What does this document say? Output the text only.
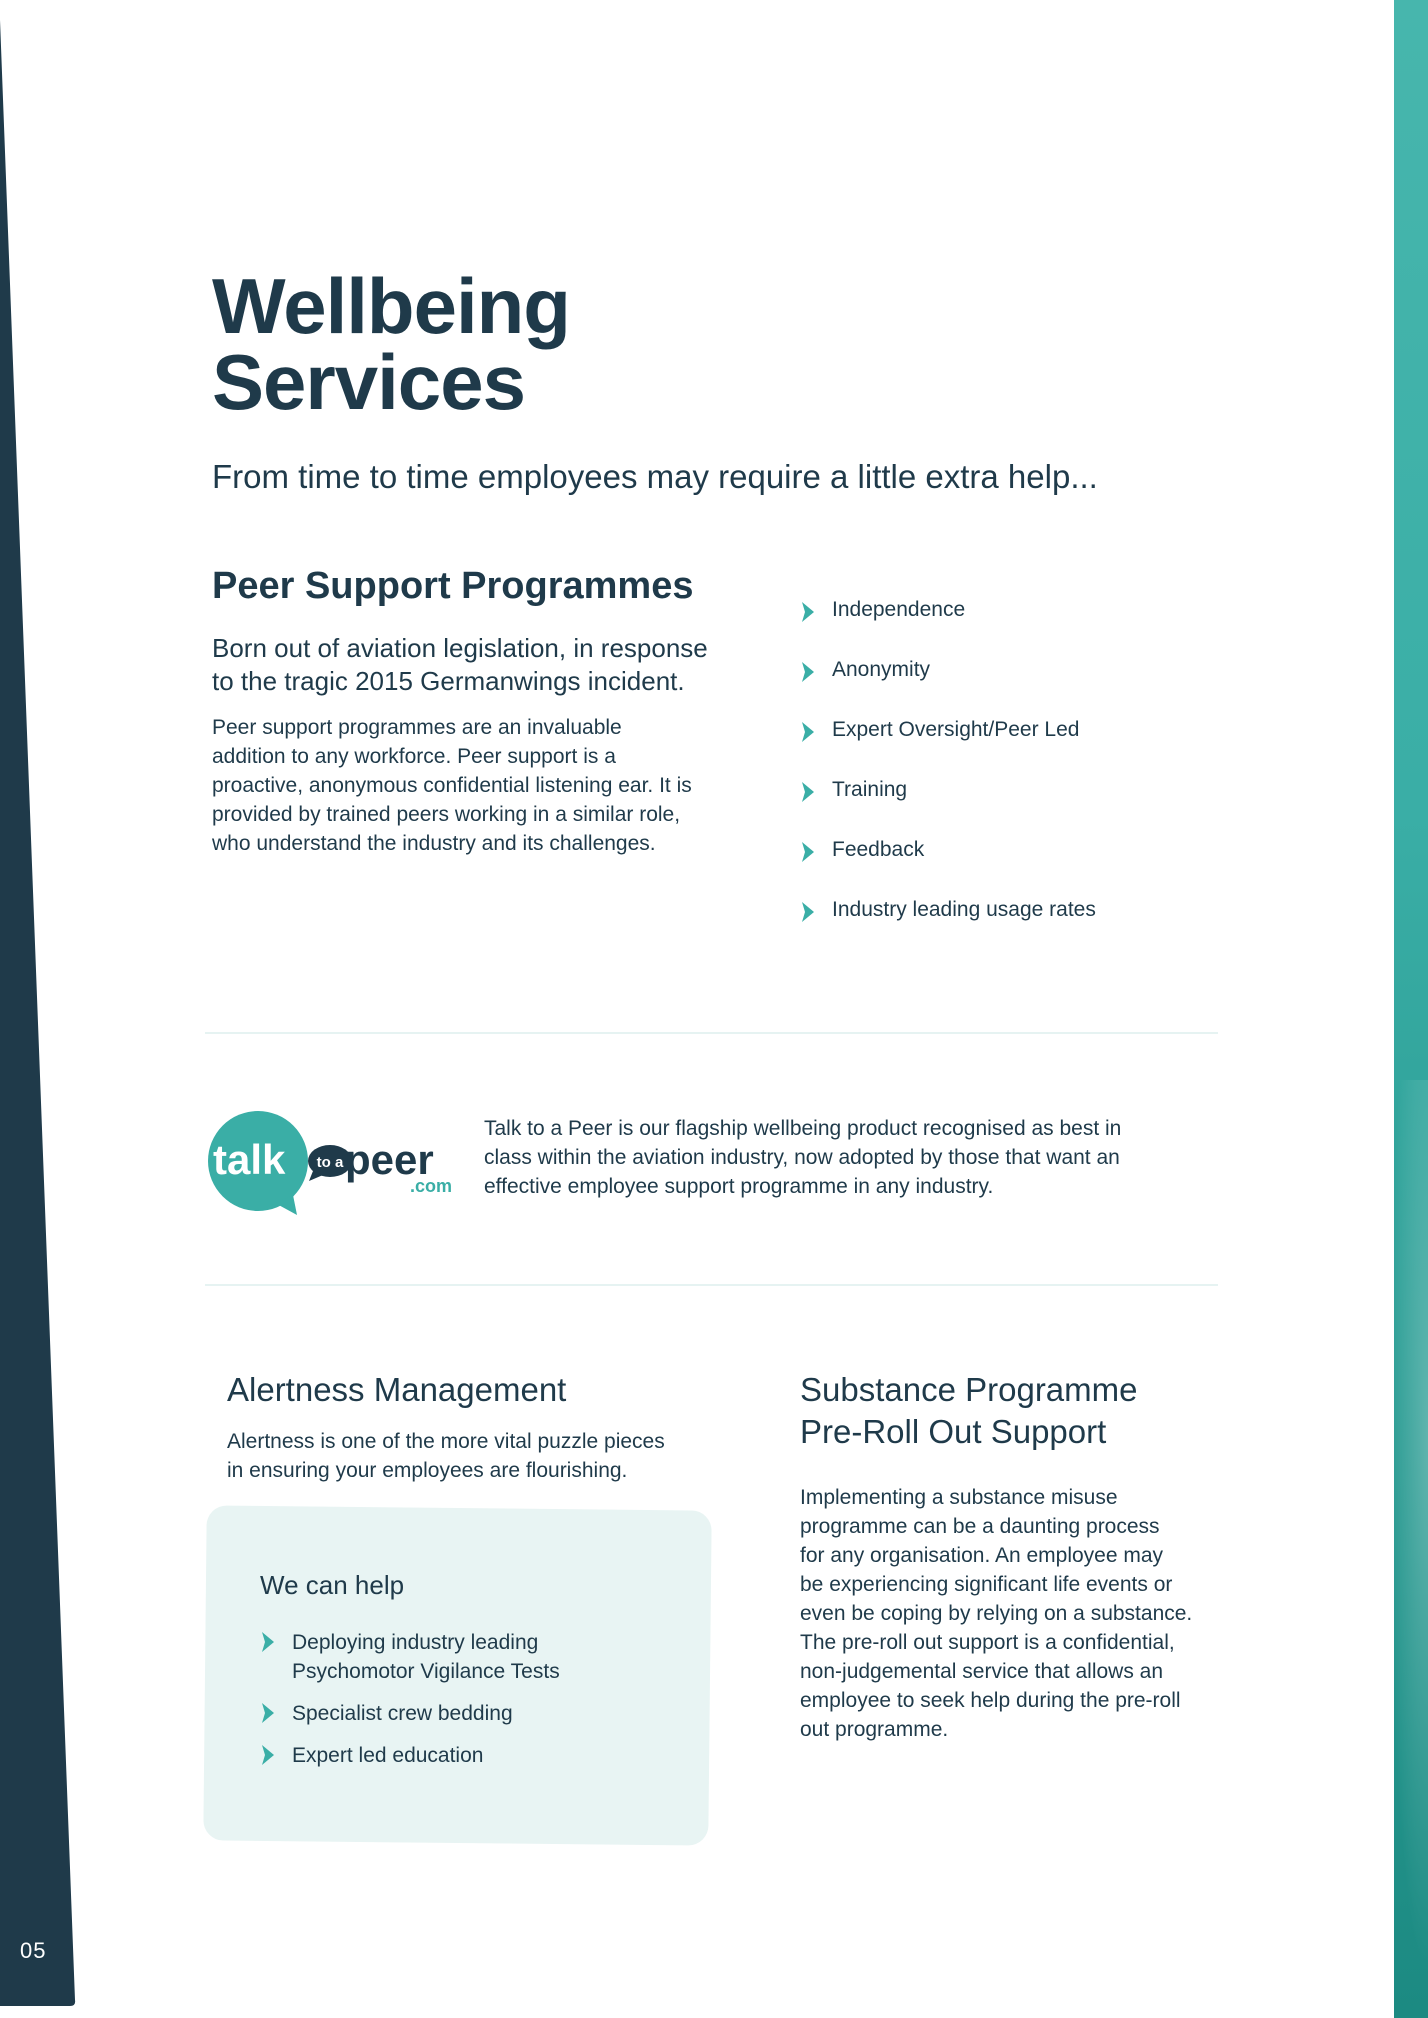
05
Wellbeing
Services
From time to time employees may require a little extra help...
Peer Support Programmes
Born out of aviation legislation, in response
to the tragic 2015 Germanwings incident.
Peer support programmes are an invaluable
addition to any workforce. Peer support is a
proactive, anonymous confidential listening ear. It is
provided by trained peers working in a similar role,
who understand the industry and its challenges.
Independence
Anonymity
Expert Oversight/Peer Led
Training
Feedback
Industry leading usage rates
talk to a peer
.com
Talk to a Peer is our flagship wellbeing product recognised as best in
class within the aviation industry, now adopted by those that want an
effective employee support programme in any industry.
Alertness Management
Alertness is one of the more vital puzzle pieces
in ensuring your employees are flourishing.
We can help
Deploying industry leading
Psychomotor Vigilance Tests
Specialist crew bedding
Expert led education
Substance Programme
Pre-Roll Out Support
Implementing a substance misuse
programme can be a daunting process
for any organisation. An employee may
be experiencing significant life events or
even be coping by relying on a substance.
The pre-roll out support is a confidential,
non-judgemental service that allows an
employee to seek help during the pre-roll
out programme.
